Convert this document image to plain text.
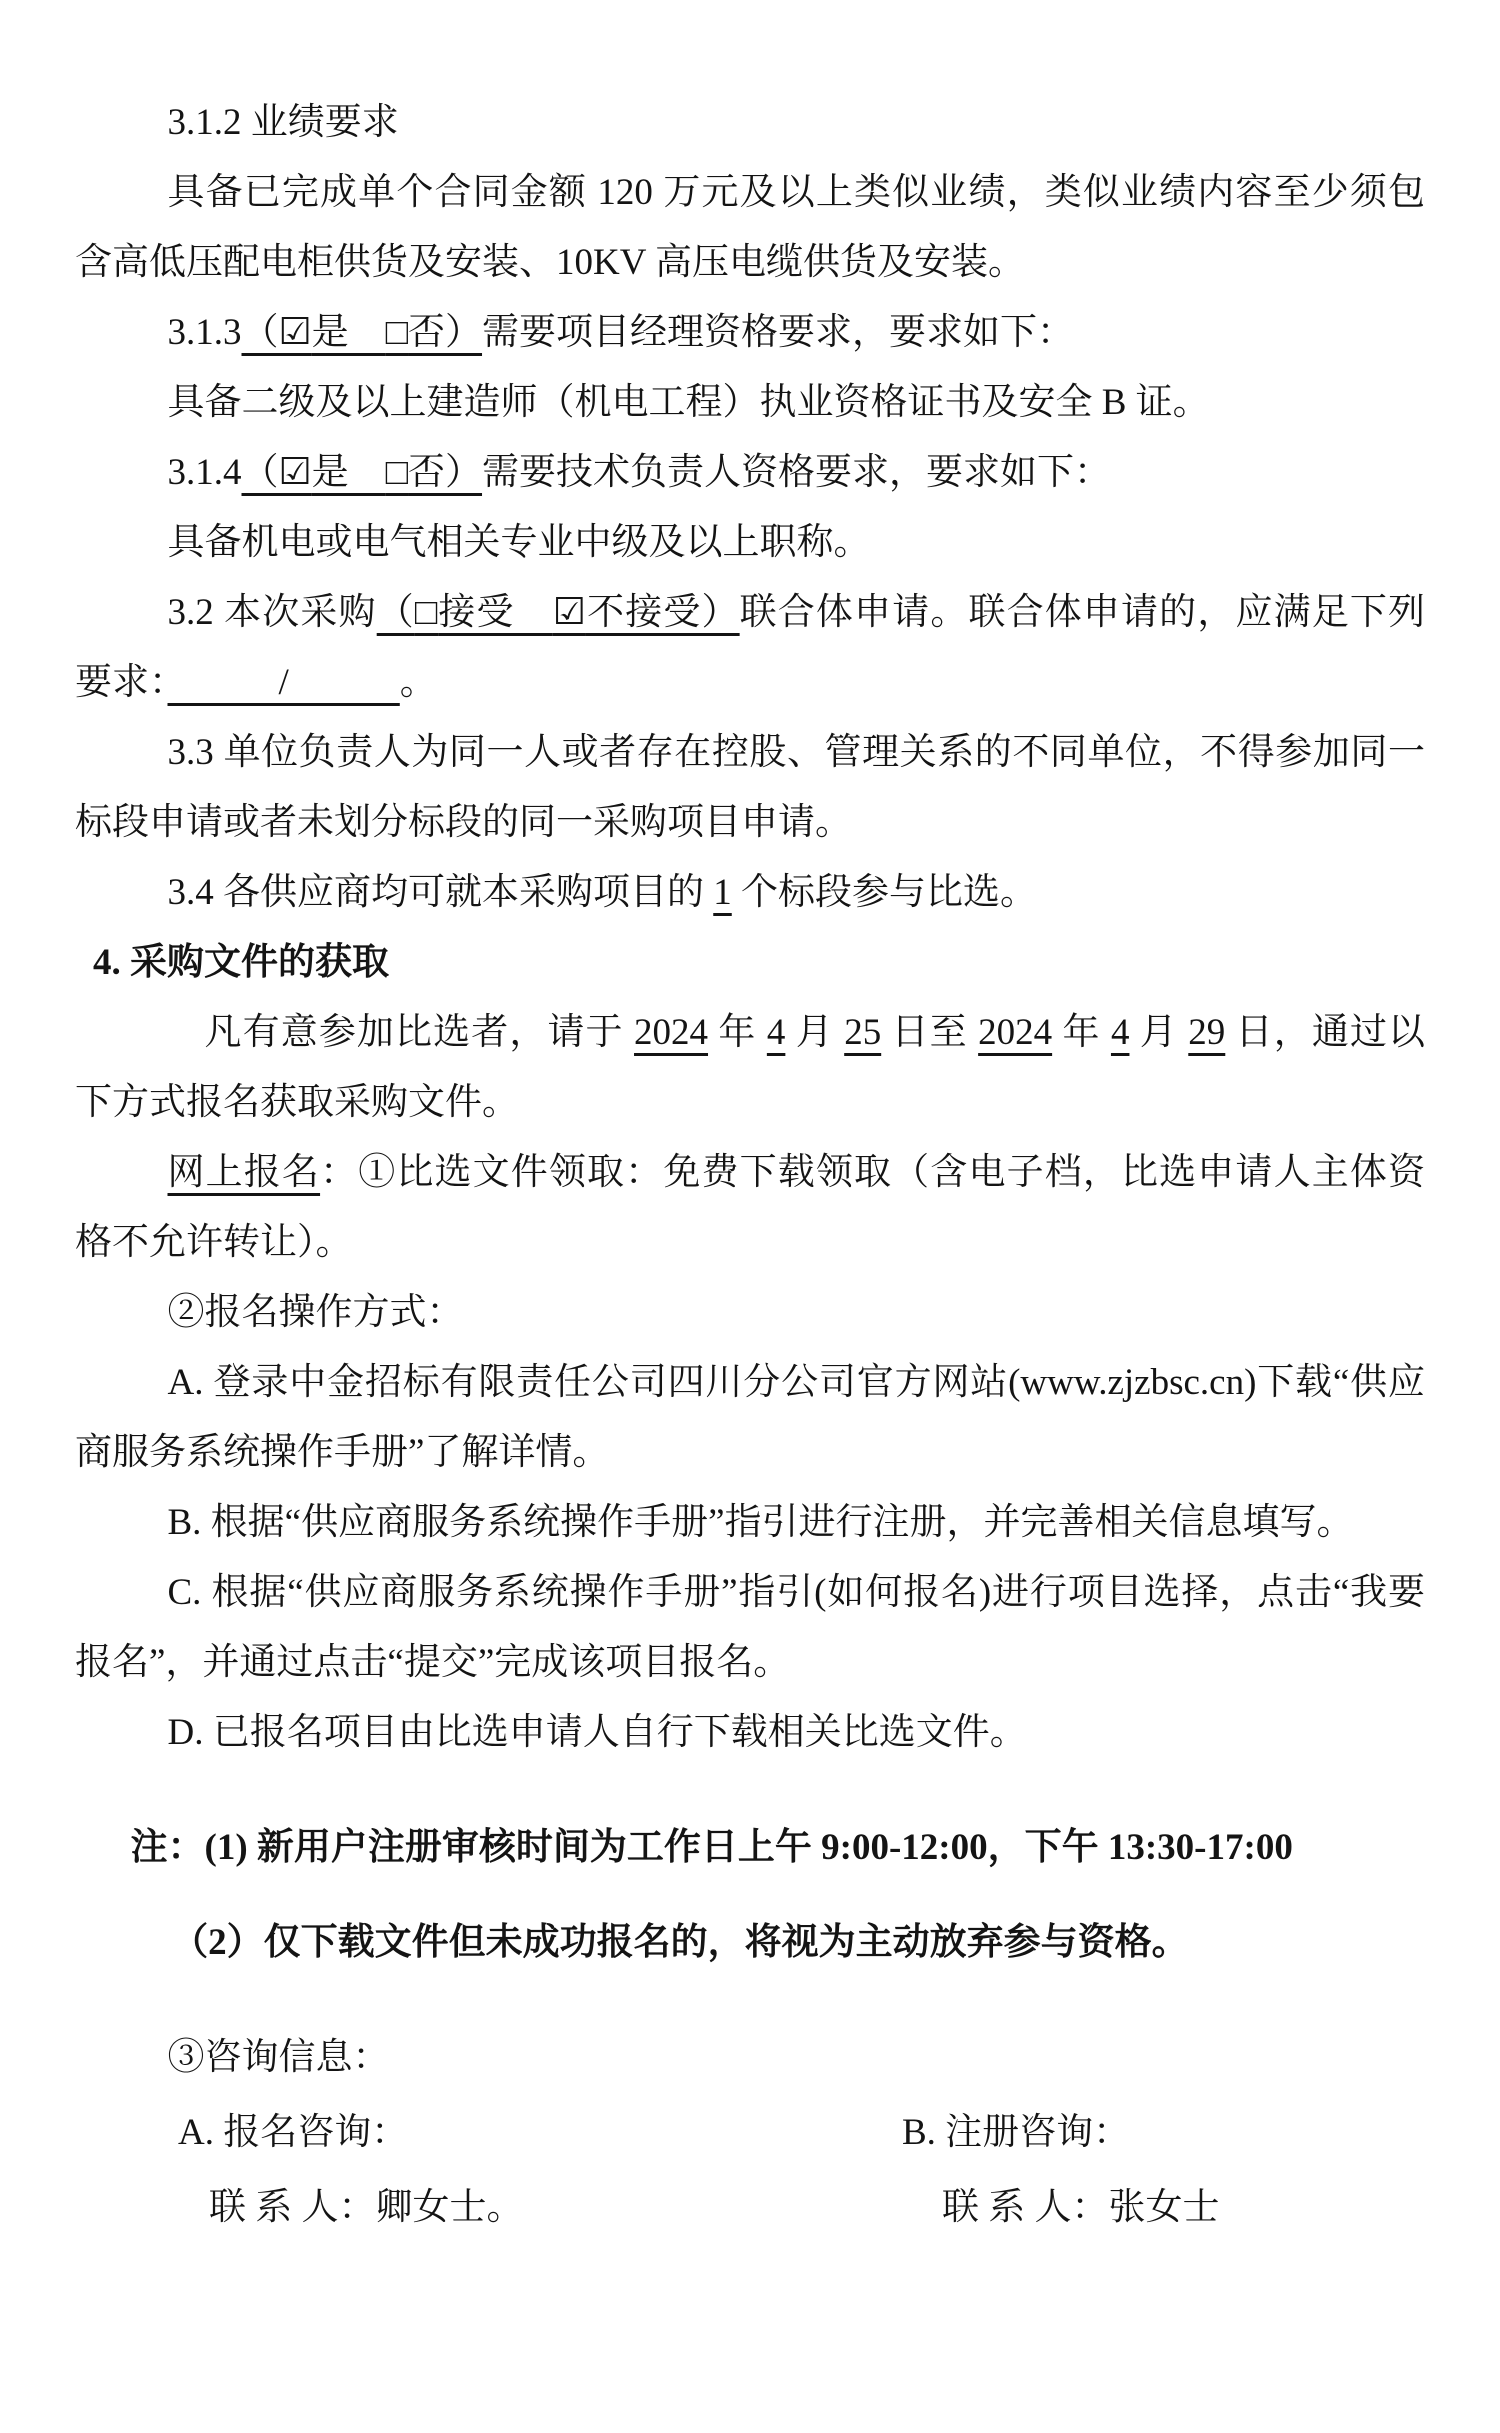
3.1.2 业绩要求

具备已完成单个合同金额 120 万元及以上类似业绩，类似业绩内容至少须包含高低压配电柜供货及安装、10KV 高压电缆供货及安装。

3.1.3（☑是　□否）需要项目经理资格要求，要求如下：

具备二级及以上建造师（机电工程）执业资格证书及安全 B 证。

3.1.4（☑是　□否）需要技术负责人资格要求，要求如下：

具备机电或电气相关专业中级及以上职称。

3.2 本次采购（□接受　☑不接受）联合体申请。联合体申请的，应满足下列要求：　　　/　　　。

3.3 单位负责人为同一人或者存在控股、管理关系的不同单位，不得参加同一标段申请或者未划分标段的同一采购项目申请。

3.4 各供应商均可就本采购项目的 1 个标段参与比选。

4. 采购文件的获取

凡有意参加比选者，请于 2024 年 4 月 25 日至 2024 年 4 月 29 日，通过以下方式报名获取采购文件。

网上报名：①比选文件领取：免费下载领取（含电子档，比选申请人主体资格不允许转让）。

②报名操作方式：

A. 登录中金招标有限责任公司四川分公司官方网站(www.zjzbsc.cn)下载“供应商服务系统操作手册”了解详情。

B. 根据“供应商服务系统操作手册”指引进行注册，并完善相关信息填写。

C. 根据“供应商服务系统操作手册”指引(如何报名)进行项目选择，点击“我要报名”，并通过点击“提交”完成该项目报名。

D. 已报名项目由比选申请人自行下载相关比选文件。

注：(1) 新用户注册审核时间为工作日上午 9:00-12:00，下午 13:30-17:00

（2）仅下载文件但未成功报名的，将视为主动放弃参与资格。

③咨询信息：

A. 报名咨询：	B. 注册咨询：

联 系 人：卿女士。	联 系 人：张女士
